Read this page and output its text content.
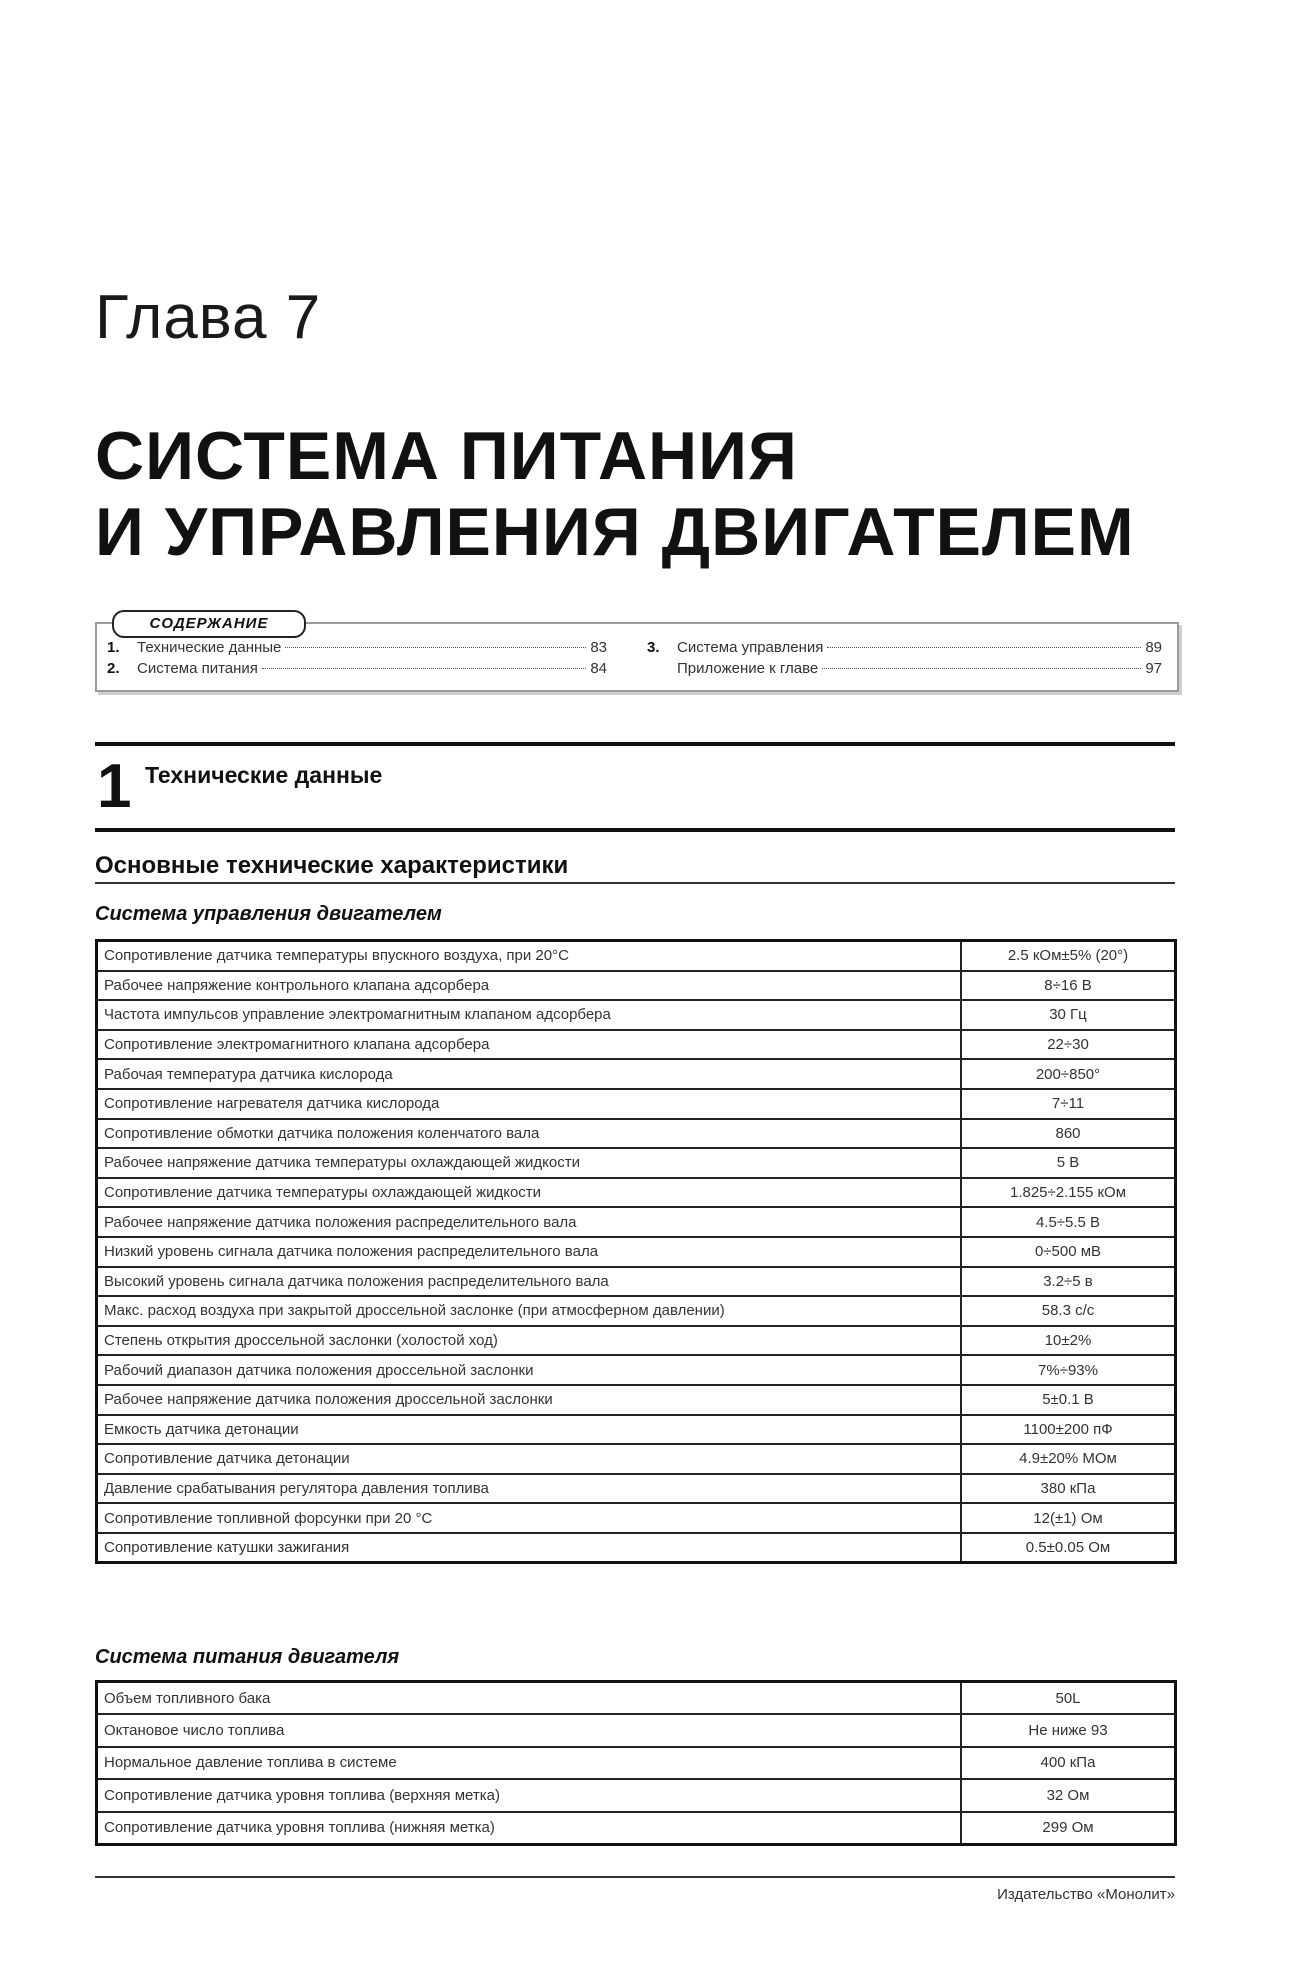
Глава 7
СИСТЕМА ПИТАНИЯ
И УПРАВЛЕНИЯ ДВИГАТЕЛЕМ
СОДЕРЖАНИЕ
1.	Технические данные	83
2.	Система питания	84
3.	Система управления	89
Приложение к главе	97
1 Технические данные
Основные технические характеристики
Система управления двигателем
Сопротивление датчика температуры впускного воздуха, при 20°С	2.5 кОм±5% (20°)
Рабочее напряжение контрольного клапана адсорбера	8÷16 В
Частота импульсов управление электромагнитным клапаном адсорбера	30 Гц
Сопротивление электромагнитного клапана адсорбера	22÷30
Рабочая температура датчика кислорода	200÷850°
Сопротивление нагревателя датчика кислорода	7÷11
Сопротивление обмотки датчика положения коленчатого вала	860
Рабочее напряжение датчика температуры охлаждающей жидкости	5 В
Сопротивление датчика температуры охлаждающей жидкости	1.825÷2.155 кОм
Рабочее напряжение датчика положения распределительного вала	4.5÷5.5 В
Низкий уровень сигнала датчика положения распределительного вала	0÷500 мВ
Высокий уровень сигнала датчика положения распределительного вала	3.2÷5 в
Макс. расход воздуха при закрытой дроссельной заслонке (при атмосферном давлении)	58.3 с/с
Степень открытия дроссельной заслонки (холостой ход)	10±2%
Рабочий диапазон датчика положения дроссельной заслонки	7%÷93%
Рабочее напряжение датчика положения дроссельной заслонки	5±0.1 В
Емкость датчика детонации	1100±200 пФ
Сопротивление датчика детонации	4.9±20% МОм
Давление срабатывания регулятора давления топлива	380 кПа
Сопротивление топливной форсунки при 20 °С	12(±1) Ом
Сопротивление катушки зажигания	0.5±0.05 Ом
Система питания двигателя
Объем топливного бака	50L
Октановое число топлива	Не ниже 93
Нормальное давление топлива в системе	400 кПа
Сопротивление датчика уровня топлива (верхняя метка)	32 Ом
Сопротивление датчика уровня топлива (нижняя метка)	299 Ом
Издательство «Монолит»
